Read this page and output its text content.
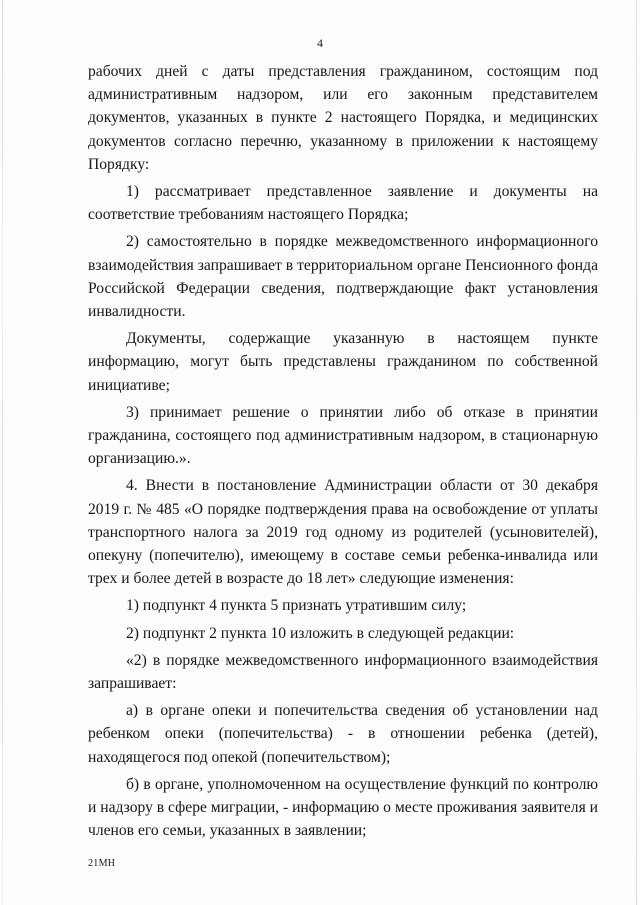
4

рабочих дней с даты представления гражданином, состоящим под административным надзором, или его законным представителем документов, указанных в пункте 2 настоящего Порядка, и медицинских документов согласно перечню, указанному в приложении к настоящему Порядку:

1) рассматривает представленное заявление и документы на соответствие требованиям настоящего Порядка;

2) самостоятельно в порядке межведомственного информационного взаимодействия запрашивает в территориальном органе Пенсионного фонда Российской Федерации сведения, подтверждающие факт установления инвалидности.

Документы, содержащие указанную в настоящем пункте информацию, могут быть представлены гражданином по собственной инициативе;

3) принимает решение о принятии либо об отказе в принятии гражданина, состоящего под административным надзором, в стационарную организацию.».

4. Внести в постановление Администрации области от 30 декабря 2019 г. № 485 «О порядке подтверждения права на освобождение от уплаты транспортного налога за 2019 год одному из родителей (усыновителей), опекуну (попечителю), имеющему в составе семьи ребенка-инвалида или трех и более детей в возрасте до 18 лет» следующие изменения:

1) подпункт 4 пункта 5 признать утратившим силу;

2) подпункт 2 пункта 10 изложить в следующей редакции:

«2) в порядке межведомственного информационного взаимодействия запрашивает:

а) в органе опеки и попечительства сведения об установлении над ребенком опеки (попечительства) - в отношении ребенка (детей), находящегося под опекой (попечительством);

б) в органе, уполномоченном на осуществление функций по контролю и надзору в сфере миграции, - информацию о месте проживания заявителя и членов его семьи, указанных в заявлении;

21МН
